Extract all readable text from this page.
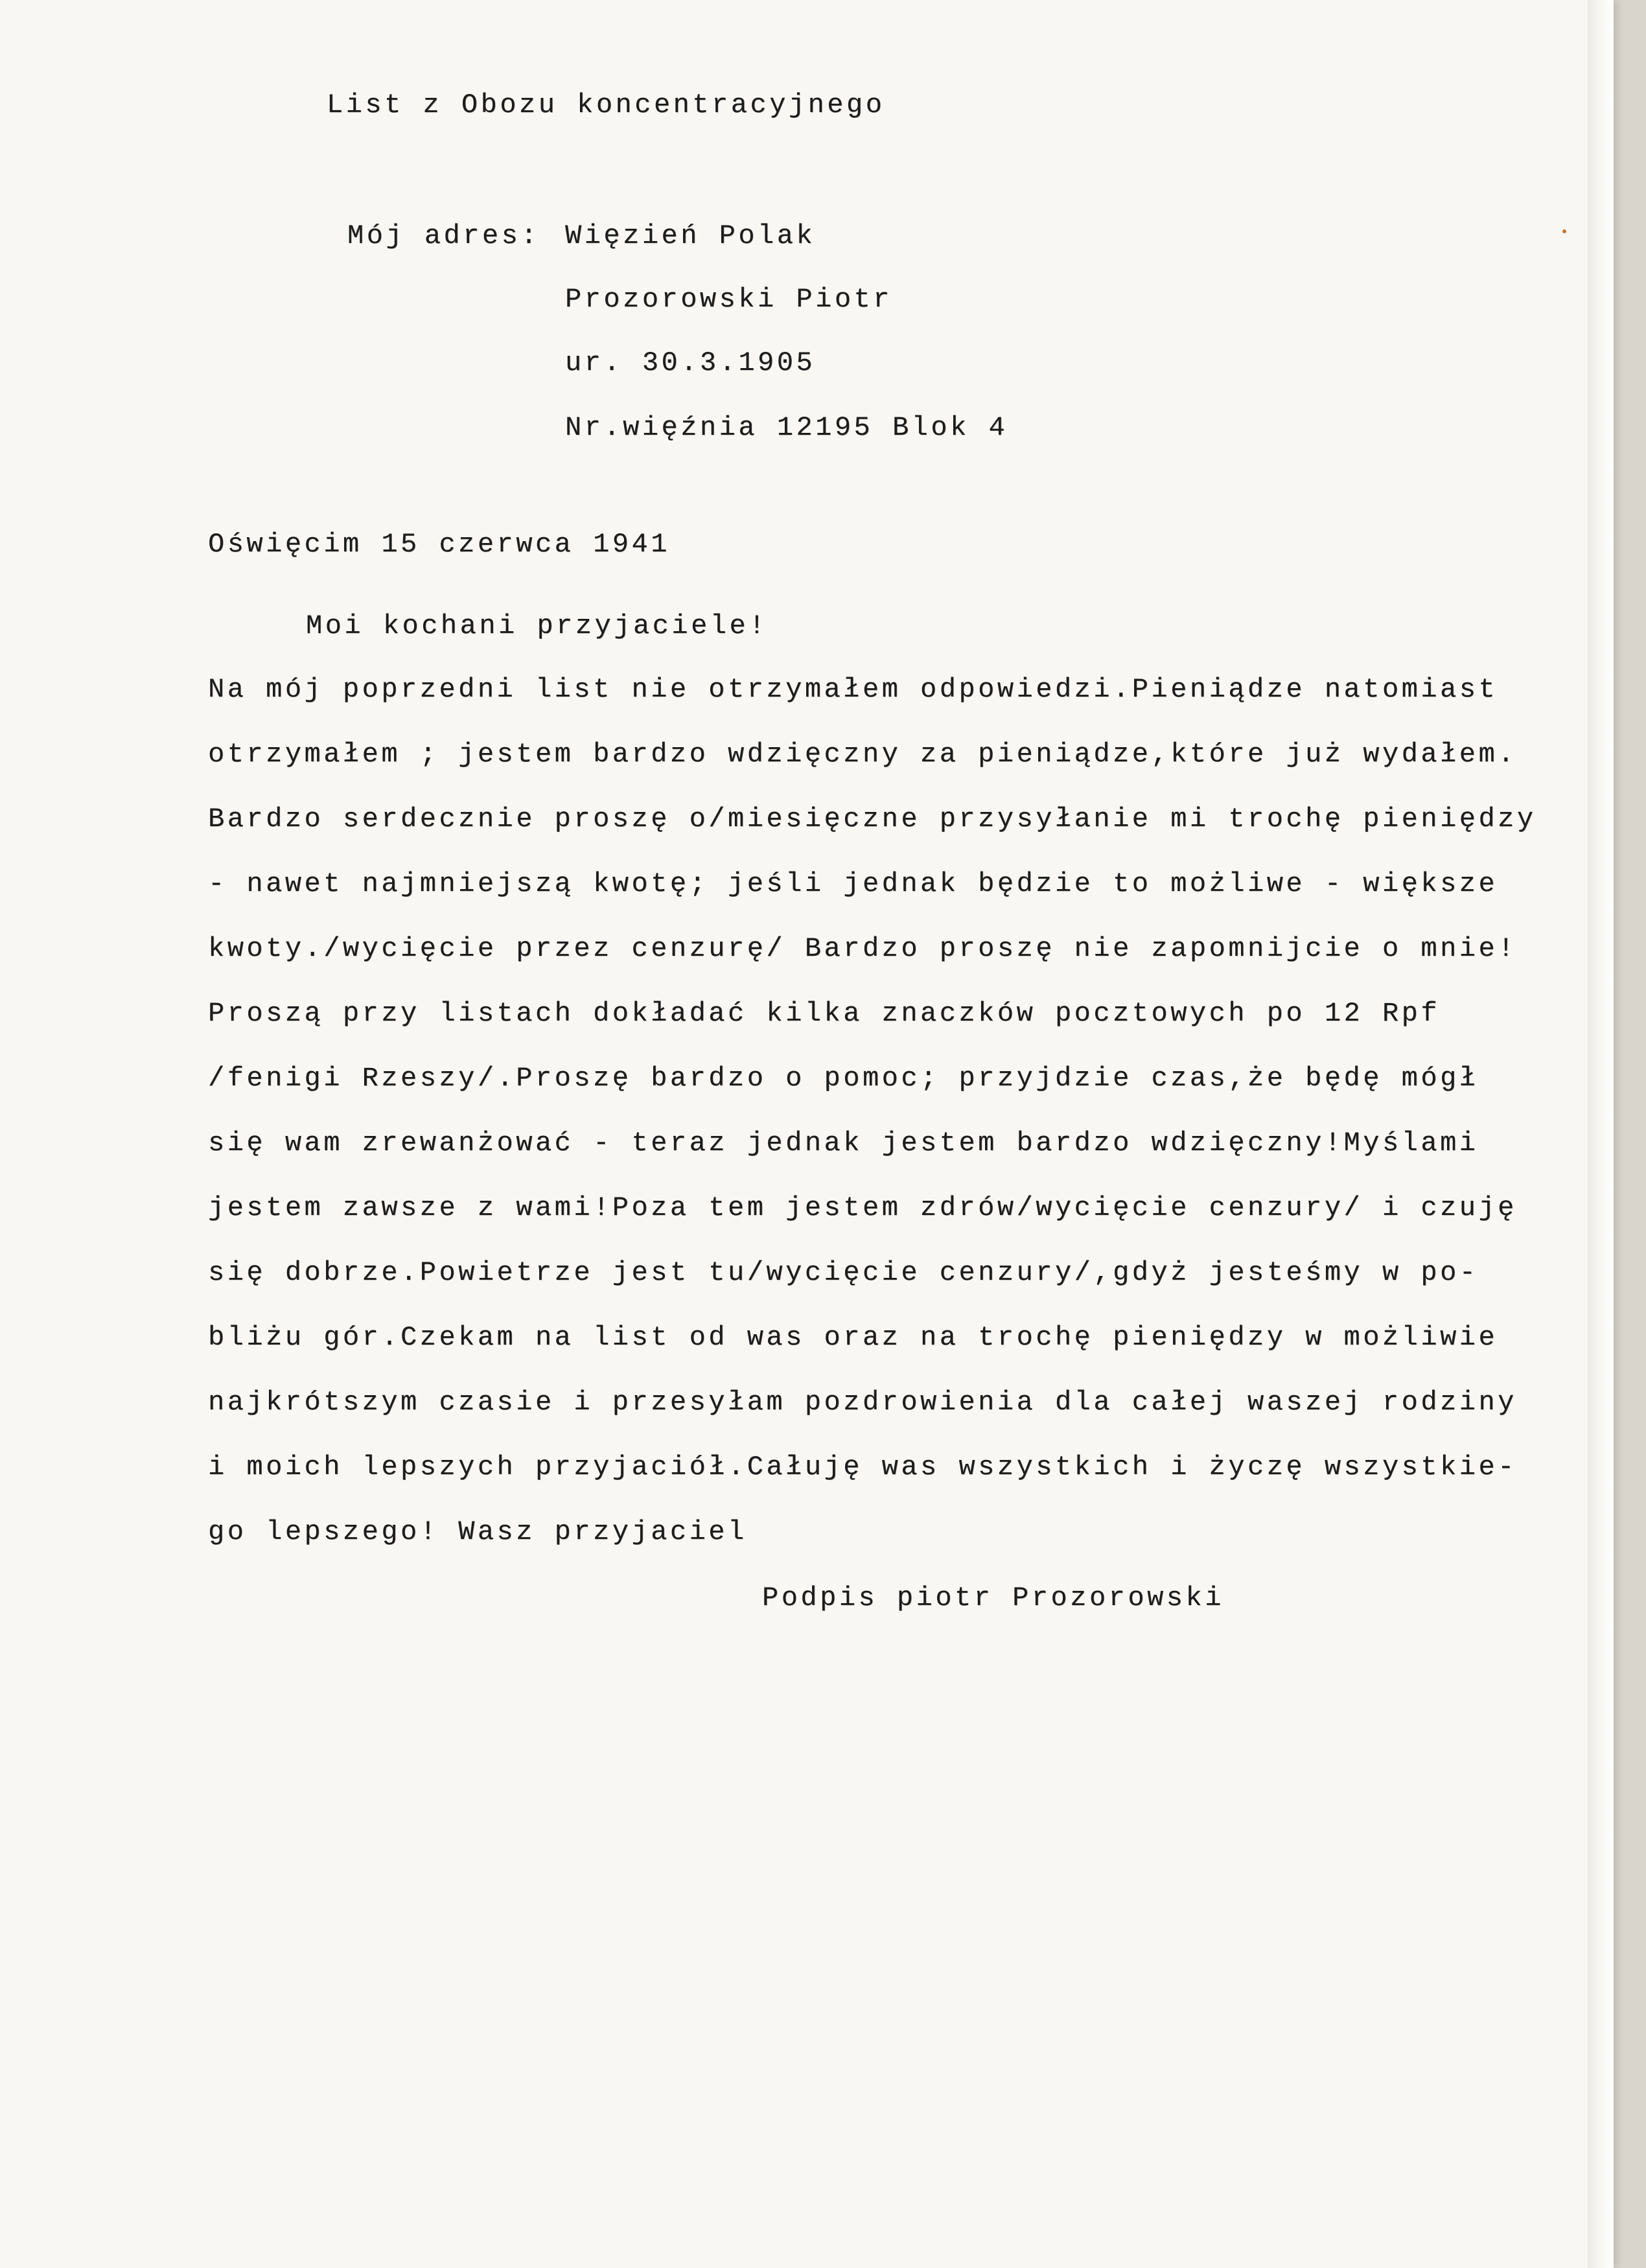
List z Obozu koncentracyjnego
Mój adres: Więzień Polak
Prozorowski Piotr
ur. 30.3.1905
Nr.więźnia 12195 Blok 4
Oświęcim 15 czerwca 1941
Moi kochani przyjaciele!
Na mój poprzedni list nie otrzymałem odpowiedzi.Pieniądze natomiast
otrzymałem ; jestem bardzo wdzięczny za pieniądze,które już wydałem.
Bardzo serdecznie proszę o/miesięczne przysyłanie mi trochę pieniędzy
- nawet najmniejszą kwotę; jeśli jednak będzie to możliwe - większe
kwoty./wycięcie przez cenzurę/ Bardzo proszę nie zapomnijcie o mnie!
Proszą przy listach dokładać kilka znaczków pocztowych po 12 Rpf
/fenigi Rzeszy/.Proszę bardzo o pomoc; przyjdzie czas,że będę mógł
się wam zrewanżować - teraz jednak jestem bardzo wdzięczny!Myślami
jestem zawsze z wami!Poza tem jestem zdrów/wycięcie cenzury/ i czuję
się dobrze.Powietrze jest tu/wycięcie cenzury/,gdyż jesteśmy w po-
bliżu gór.Czekam na list od was oraz na trochę pieniędzy w możliwie
najkrótszym czasie i przesyłam pozdrowienia dla całej waszej rodziny
i moich lepszych przyjaciół.Całuję was wszystkich i życzę wszystkie-
go lepszego! Wasz przyjaciel
Podpis piotr Prozorowski
